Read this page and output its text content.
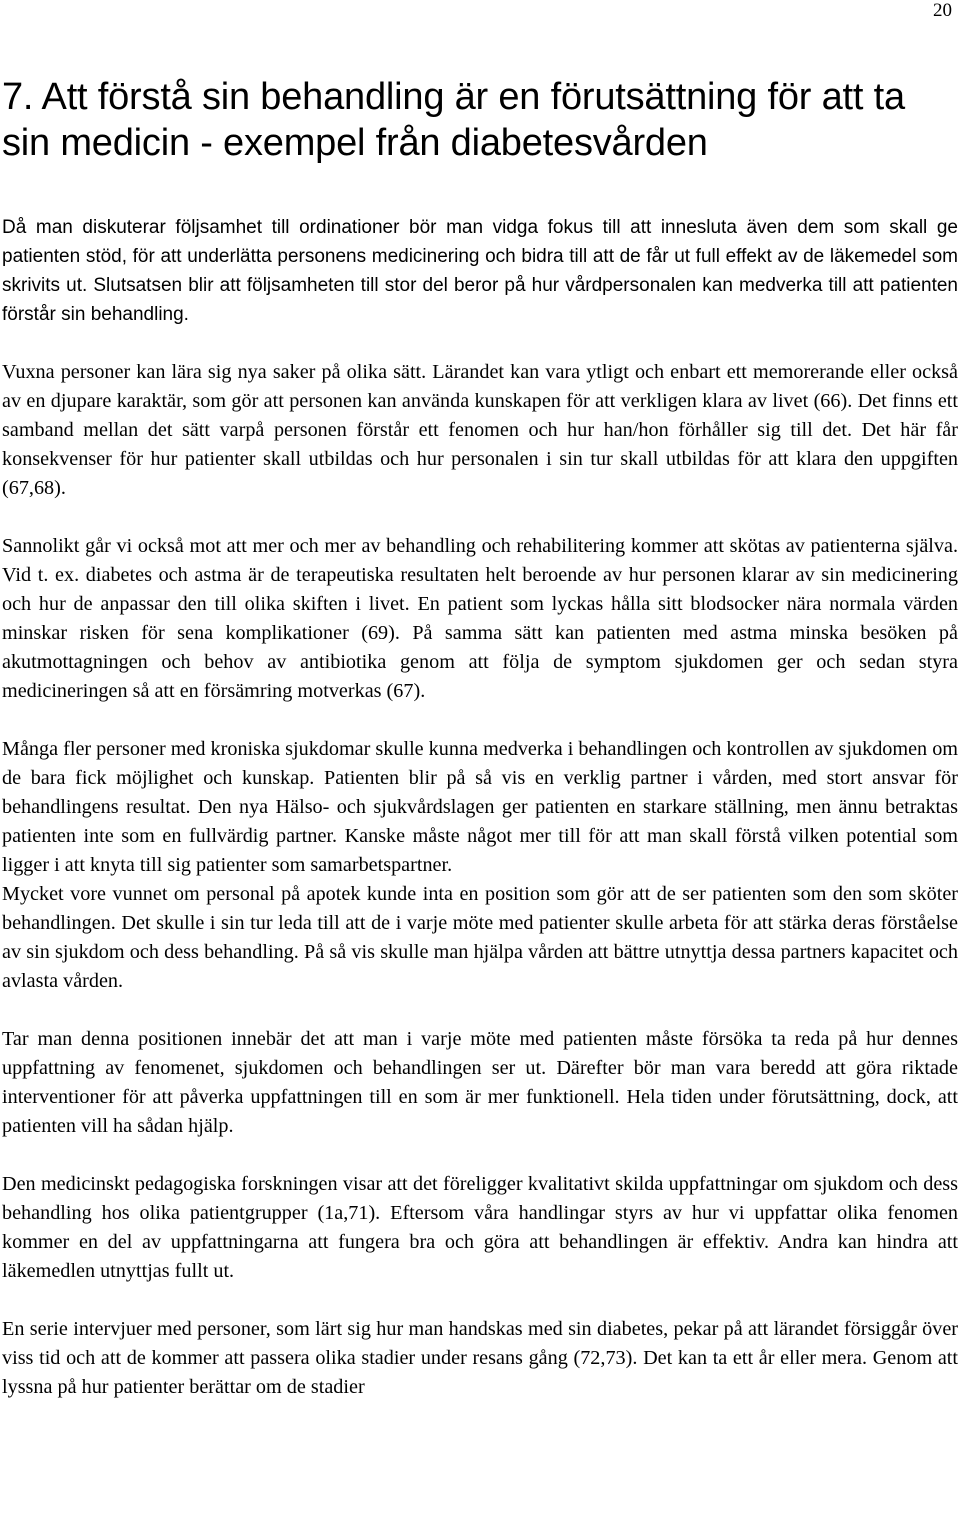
20
7. Att förstå sin behandling är en förutsättning för att ta sin medicin - exempel från diabetesvården

Då man diskuterar följsamhet till ordinationer bör man vidga fokus till att innesluta även dem som skall ge patienten stöd, för att underlätta personens medicinering och bidra till att de får ut full effekt av de läkemedel som skrivits ut. Slutsatsen blir att följsamheten till stor del beror på hur vårdpersonalen kan medverka till att patienten förstår sin behandling.

Vuxna personer kan lära sig nya saker på olika sätt. Lärandet kan vara ytligt och enbart ett memorerande eller också av en djupare karaktär, som gör att personen kan använda kunskapen för att verkligen klara av livet (66). Det finns ett samband mellan det sätt varpå personen förstår ett fenomen och hur han/hon förhåller sig till det. Det här får konsekvenser för hur patienter skall utbildas och hur personalen i sin tur skall utbildas för att klara den uppgiften (67,68).

Sannolikt går vi också mot att mer och mer av behandling och rehabilitering kommer att skötas av patienterna själva. Vid t. ex. diabetes och astma är de terapeutiska resultaten helt beroende av hur personen klarar av sin medicinering och hur de anpassar den till olika skiften i livet. En patient som lyckas hålla sitt blodsocker nära normala värden minskar risken för sena komplikationer (69). På samma sätt kan patienten med astma minska besöken på akutmottagningen och behov av antibiotika genom att följa de symptom sjukdomen ger och sedan styra medicineringen så att en försämring motverkas (67).

Många fler personer med kroniska sjukdomar skulle kunna medverka i behandlingen och kontrollen av sjukdomen om de bara fick möjlighet och kunskap. Patienten blir på så vis en verklig partner i vården, med stort ansvar för behandlingens resultat. Den nya Hälso- och sjukvårdslagen ger patienten en starkare ställning, men ännu betraktas patienten inte som en fullvärdig partner. Kanske måste något mer till för att man skall förstå vilken potential som ligger i att knyta till sig patienter som samarbetspartner.

Mycket vore vunnet om personal på apotek kunde inta en position som gör att de ser patienten som den som sköter behandlingen. Det skulle i sin tur leda till att de i varje möte med patienter skulle arbeta för att stärka deras förståelse av sin sjukdom och dess behandling. På så vis skulle man hjälpa vården att bättre utnyttja dessa partners kapacitet och avlasta vården.

Tar man denna positionen innebär det att man i varje möte med patienten måste försöka ta reda på hur dennes uppfattning av fenomenet, sjukdomen och behandlingen ser ut. Därefter bör man vara beredd att göra riktade interventioner för att påverka uppfattningen till en som är mer funktionell. Hela tiden under förutsättning, dock, att patienten vill ha sådan hjälp.

Den medicinskt pedagogiska forskningen visar att det föreligger kvalitativt skilda uppfattningar om sjukdom och dess behandling hos olika patientgrupper (1a,71). Eftersom våra handlingar styrs av hur vi uppfattar olika fenomen kommer en del av uppfattningarna att fungera bra och göra att behandlingen är effektiv. Andra kan hindra att läkemedlen utnyttjas fullt ut.

En serie intervjuer med personer, som lärt sig hur man handskas med sin diabetes, pekar på att lärandet försiggår över viss tid och att de kommer att passera olika stadier under resans gång (72,73). Det kan ta ett år eller mera. Genom att lyssna på hur patienter berättar om de stadier
